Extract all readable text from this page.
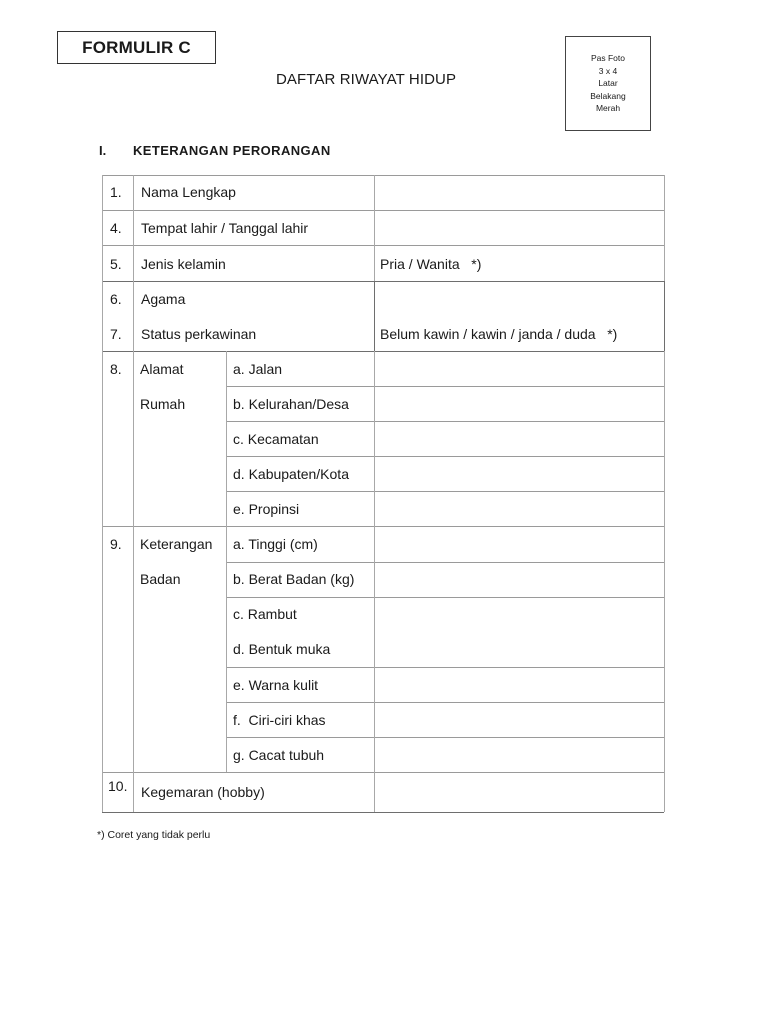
FORMULIR C
DAFTAR RIWAYAT HIDUP
Pas Foto
3 x 4
Latar
Belakang
Merah
I. KETERANGAN PERORANGAN
1. Nama Lengkap
4. Tempat lahir / Tanggal lahir
5. Jenis kelamin	Pria / Wanita   *)
6. Agama
7. Status perkawinan	Belum kawin / kawin / janda / duda   *)
8. Alamat
Rumah
a. Jalan
b. Kelurahan/Desa
c. Kecamatan
d. Kabupaten/Kota
e. Propinsi
9. Keterangan
Badan
a. Tinggi (cm)
b. Berat Badan (kg)
c. Rambut
d. Bentuk muka
e. Warna kulit
f.  Ciri-ciri khas
g. Cacat tubuh
10. Kegemaran (hobby)
*) Coret yang tidak perlu
